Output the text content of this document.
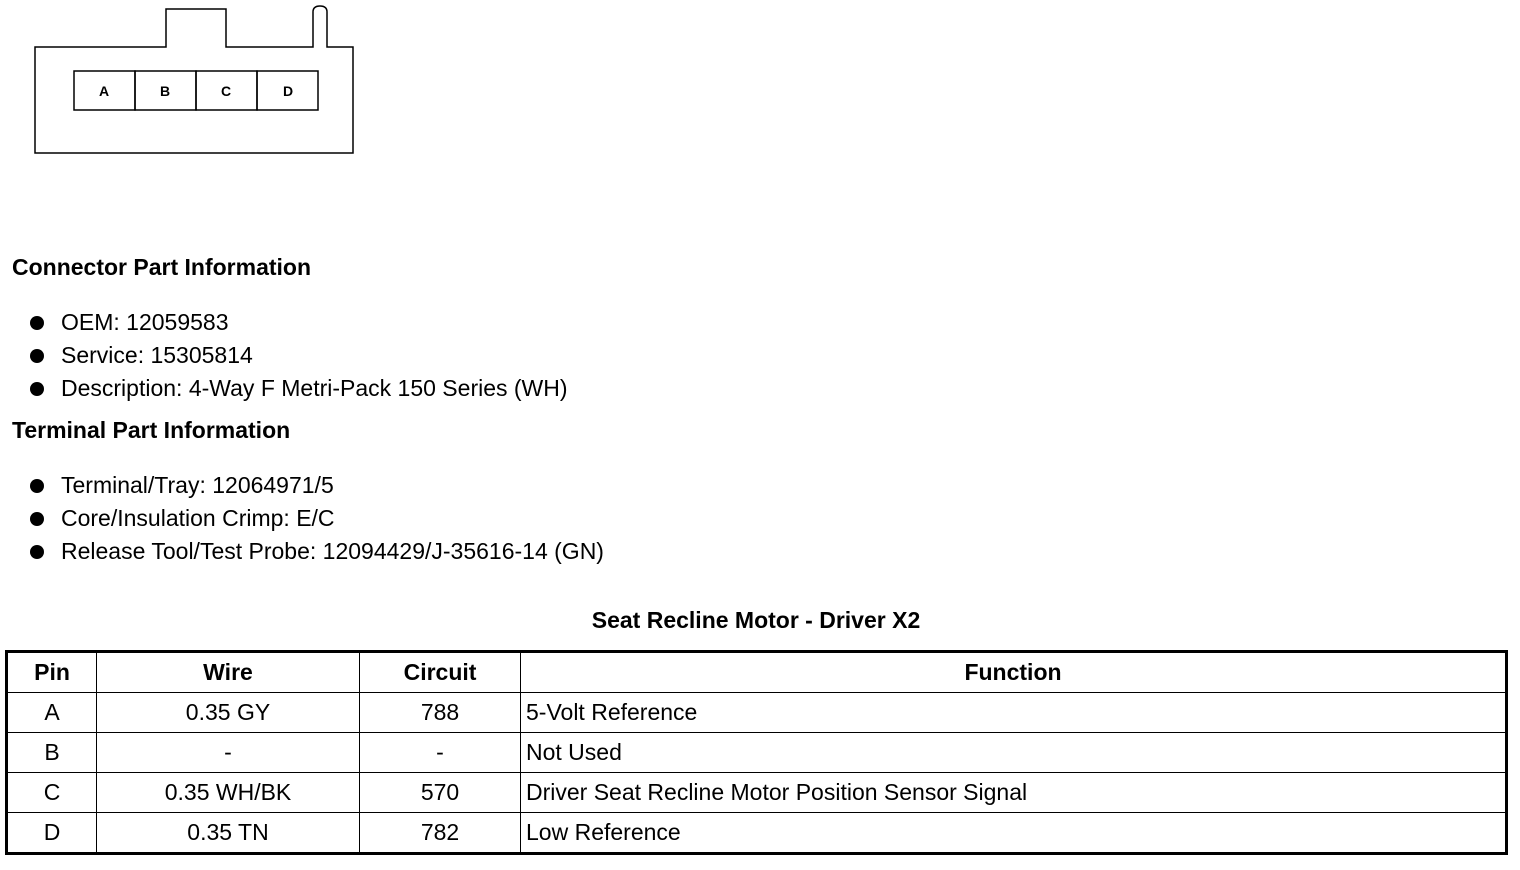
A	B	C	D
Connector Part Information
OEM: 12059583
Service: 15305814
Description: 4-Way F Metri-Pack 150 Series (WH)
Terminal Part Information
Terminal/Tray: 12064971/5
Core/Insulation Crimp: E/C
Release Tool/Test Probe: 12094429/J-35616-14 (GN)
Seat Recline Motor - Driver X2
Pin	Wire	Circuit	Function
A	0.35 GY	788	5-Volt Reference
B	-	-	Not Used
C	0.35 WH/BK	570	Driver Seat Recline Motor Position Sensor Signal
D	0.35 TN	782	Low Reference
